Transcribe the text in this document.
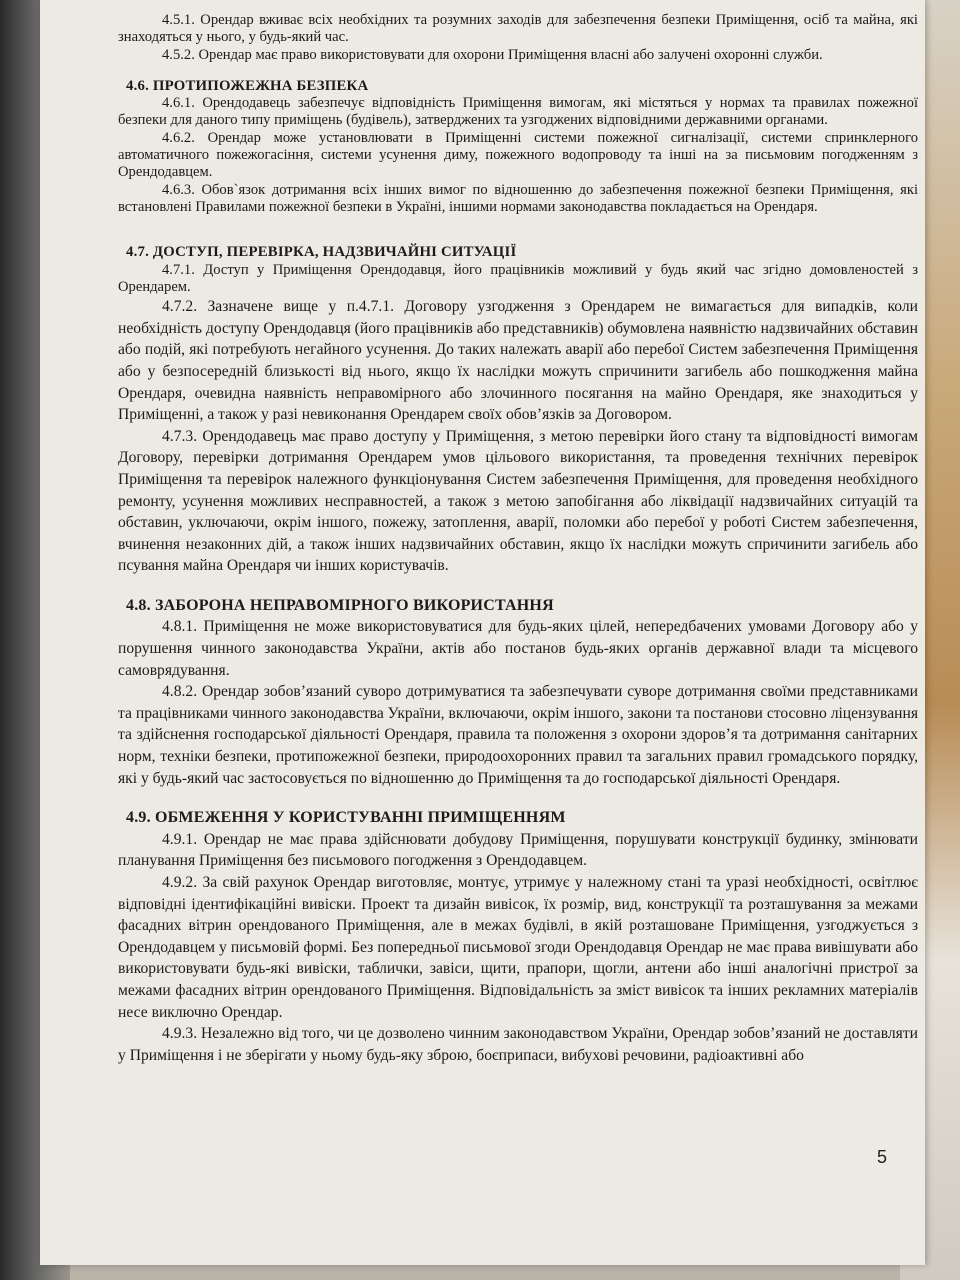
4.5.1. Орендар вживає всіх необхідних та розумних заходів для забезпечення безпеки Приміщення, осіб та майна, які знаходяться у нього, у будь-який час.

4.5.2. Орендар має право використовувати для охорони Приміщення власні або залучені охоронні служби.

4.6. ПРОТИПОЖЕЖНА БЕЗПЕКА

4.6.1. Орендодавець забезпечує відповідність Приміщення вимогам, які містяться у нормах та правилах пожежної безпеки для даного типу приміщень (будівель), затверджених та узгоджених відповідними державними органами.

4.6.2. Орендар може установлювати в Приміщенні системи пожежної сигналізації, системи спринклерного автоматичного пожежогасіння, системи усунення диму, пожежного водопроводу та інші на за письмовим погодженням з Орендодавцем.

4.6.3. Обов`язок дотримання всіх інших вимог по відношенню до забезпечення пожежної безпеки Приміщення, які встановлені Правилами пожежної безпеки в Україні, іншими нормами законодавства покладається на Орендаря.

4.7. ДОСТУП, ПЕРЕВІРКА, НАДЗВИЧАЙНІ СИТУАЦІЇ

4.7.1. Доступ у Приміщення Орендодавця, його працівників можливий у будь який час згідно домовленостей з Орендарем.

4.7.2. Зазначене вище у п.4.7.1. Договору узгодження з Орендарем не вимагається для випадків, коли необхідність доступу Орендодавця (його працівників або представників) обумовлена наявністю надзвичайних обставин або подій, які потребують негайного усунення. До таких належать аварії або перебої Систем забезпечення Приміщення або у безпосередній близькості від нього, якщо їх наслідки можуть спричинити загибель або пошкодження майна Орендаря, очевидна наявність неправомірного або злочинного посягання на майно Орендаря, яке знаходиться у Приміщенні, а також у разі невиконання Орендарем своїх обов’язків за Договором.

4.7.3. Орендодавець має право доступу у Приміщення, з метою перевірки його стану та відповідності вимогам Договору, перевірки дотримання Орендарем умов цільового використання, та проведення технічних перевірок Приміщення та перевірок належного функціонування Систем забезпечення Приміщення, для проведення необхідного ремонту, усунення можливих несправностей, а також з метою запобігання або ліквідації надзвичайних ситуацій та обставин, уключаючи, окрім іншого, пожежу, затоплення, аварії, поломки або перебої у роботі Систем забезпечення, вчинення незаконних дій, а також інших надзвичайних обставин, якщо їх наслідки можуть спричинити загибель або псування майна Орендаря чи інших користувачів.

4.8. ЗАБОРОНА НЕПРАВОМІРНОГО ВИКОРИСТАННЯ

4.8.1. Приміщення не може використовуватися для будь-яких цілей, непередбачених умовами Договору або у порушення чинного законодавства України, актів або постанов будь-яких органів державної влади та місцевого самоврядування.

4.8.2. Орендар зобов’язаний суворо дотримуватися та забезпечувати суворе дотримання своїми представниками та працівниками чинного законодавства України, включаючи, окрім іншого, закони та постанови стосовно ліцензування та здійснення господарської діяльності Орендаря, правила та положення з охорони здоров’я та дотримання санітарних норм, техніки безпеки, протипожежної безпеки, природоохоронних правил та загальних правил громадського порядку, які у будь-який час застосовується по відношенню до Приміщення та до господарської діяльності Орендаря.

4.9. ОБМЕЖЕННЯ У КОРИСТУВАННІ ПРИМІЩЕННЯМ

4.9.1. Орендар не має права здійснювати добудову Приміщення, порушувати конструкції будинку, змінювати планування Приміщення без письмового погодження з Орендодавцем.

4.9.2. За свій рахунок Орендар виготовляє, монтує, утримує у належному стані та уразі необхідності, освітлює відповідні ідентифікаційні вивіски. Проект та дизайн вивісок, їх розмір, вид, конструкції та розташування за межами фасадних вітрин орендованого Приміщення, але в межах будівлі, в якій розташоване Приміщення, узгоджується з Орендодавцем у письмовій формі. Без попередньої письмової згоди Орендодавця Орендар не має права вивішувати або використовувати будь-які вивіски, таблички, завіси, щити, прапори, щогли, антени або інші аналогічні пристрої за межами фасадних вітрин орендованого Приміщення. Відповідальність за зміст вивісок та інших рекламних матеріалів несе виключно Орендар.

4.9.3. Незалежно від того, чи це дозволено чинним законодавством України, Орендар зобов’язаний не доставляти у Приміщення і не зберігати у ньому будь-яку зброю, боєприпаси, вибухові речовини, радіоактивні або

5
